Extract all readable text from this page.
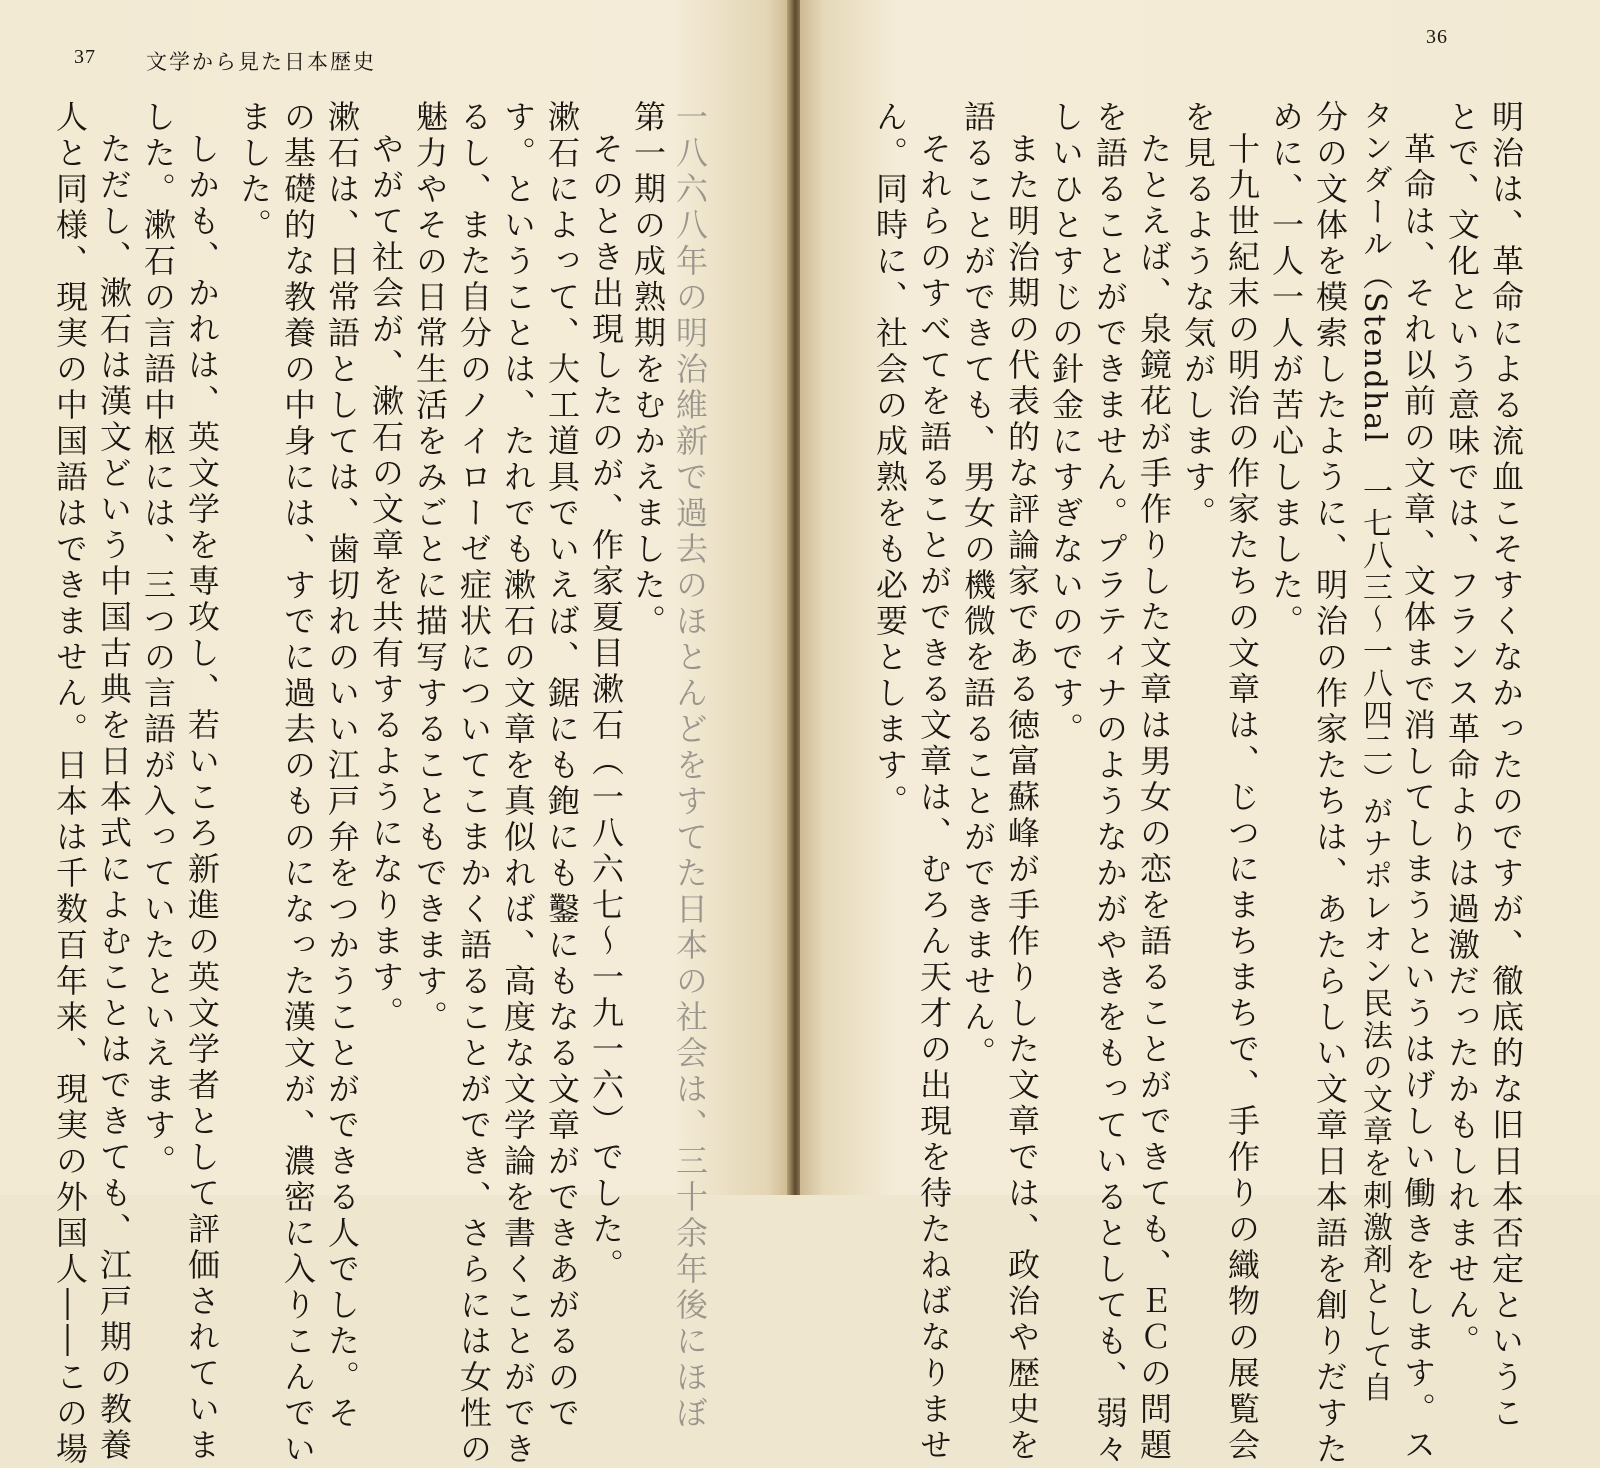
37 文学から見た日本歴史
一八六八年の明治維新で過去のほとんどをすてた日本の社会は、三十余年後にほぼ
第一期の成熟期をむかえました。
そのとき出現したのが、作家夏目漱石（一八六七〜一九一六）でした。
漱石によって、大工道具でいえば、鋸にも鉋にも鑿にもなる文章ができあがるので
す。ということは、たれでも漱石の文章を真似れば、高度な文学論を書くことができ
るし、また自分のノイローゼ症状についてこまかく語ることができ、さらには女性の
魅力やその日常生活をみごとに描写することもできます。
やがて社会が、漱石の文章を共有するようになります。
漱石は、日常語としては、歯切れのいい江戸弁をつかうことができる人でした。そ
の基礎的な教養の中身には、すでに過去のものになった漢文が、濃密に入りこんでい
ました。
しかも、かれは、英文学を専攻し、若いころ新進の英文学者として評価されていま
した。漱石の言語中枢には、三つの言語が入っていたといえます。
ただし、漱石は漢文どいう中国古典を日本式によむことはできても、江戸期の教養
人と同様、現実の中国語はできません。日本は千数百年来、現実の外国人――この場
36
明治は、革命による流血こそすくなかったのですが、徹底的な旧日本否定というこ
とで、文化という意味では、フランス革命よりは過激だったかもしれません。
革命は、それ以前の文章、文体まで消してしまうというはげしい働きをします。ス
タンダール（Stendhal　一七八三〜一八四二）がナポレオン民法の文章を刺激剤として自
分の文体を模索したように、明治の作家たちは、あたらしい文章日本語を創りだすた
めに、一人一人が苦心しました。
十九世紀末の明治の作家たちの文章は、じつにまちまちで、手作りの織物の展覧会
を見るような気がします。
たとえば、泉鏡花が手作りした文章は男女の恋を語ることができても、ＥＣの問題
を語ることができません。プラティナのようなかがやきをもっているとしても、弱々
しいひとすじの針金にすぎないのです。
また明治期の代表的な評論家である徳富蘇峰が手作りした文章では、政治や歴史を
語ることができても、男女の機微を語ることができません。
それらのすべてを語ることができる文章は、むろん天才の出現を待たねばなりませ
ん。同時に、社会の成熟をも必要とします。
